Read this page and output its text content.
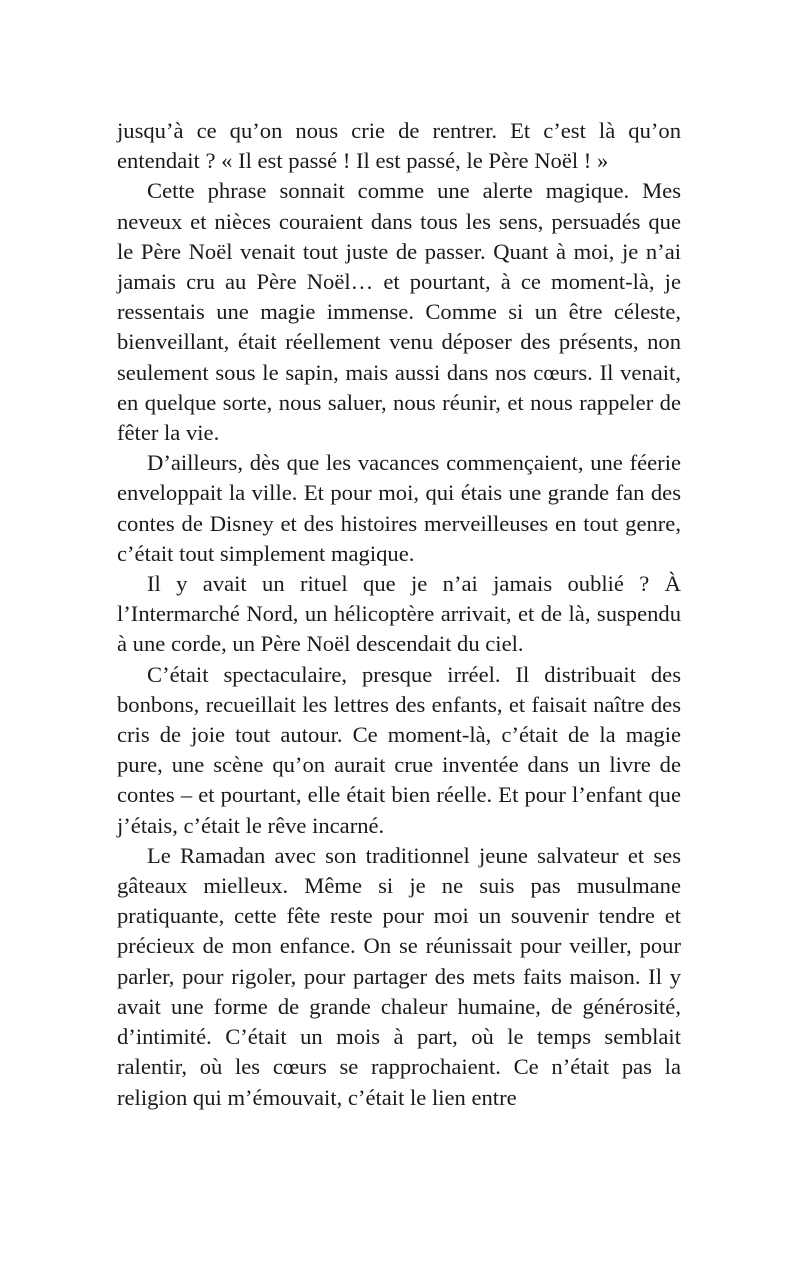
jusqu’à ce qu’on nous crie de rentrer. Et c’est là qu’on entendait ? « Il est passé ! Il est passé, le Père Noël ! »

Cette phrase sonnait comme une alerte magique. Mes neveux et nièces couraient dans tous les sens, persuadés que le Père Noël venait tout juste de passer. Quant à moi, je n’ai jamais cru au Père Noël… et pourtant, à ce moment-là, je ressentais une magie immense. Comme si un être céleste, bienveillant, était réellement venu déposer des présents, non seulement sous le sapin, mais aussi dans nos cœurs. Il venait, en quelque sorte, nous saluer, nous réunir, et nous rappeler de fêter la vie.

D’ailleurs, dès que les vacances commençaient, une féerie enveloppait la ville. Et pour moi, qui étais une grande fan des contes de Disney et des histoires merveilleuses en tout genre, c’était tout simplement magique.

Il y avait un rituel que je n’ai jamais oublié ? À l’Intermarché Nord, un hélicoptère arrivait, et de là, suspendu à une corde, un Père Noël descendait du ciel.

C’était spectaculaire, presque irréel. Il distribuait des bonbons, recueillait les lettres des enfants, et faisait naître des cris de joie tout autour. Ce moment-là, c’était de la magie pure, une scène qu’on aurait crue inventée dans un livre de contes – et pourtant, elle était bien réelle. Et pour l’enfant que j’étais, c’était le rêve incarné.

Le Ramadan avec son traditionnel jeune salvateur et ses gâteaux mielleux. Même si je ne suis pas musulmane pratiquante, cette fête reste pour moi un souvenir tendre et précieux de mon enfance. On se réunissait pour veiller, pour parler, pour rigoler, pour partager des mets faits maison. Il y avait une forme de grande chaleur humaine, de générosité, d’intimité. C’était un mois à part, où le temps semblait ralentir, où les cœurs se rapprochaient. Ce n’était pas la religion qui m’émouvait, c’était le lien entre
